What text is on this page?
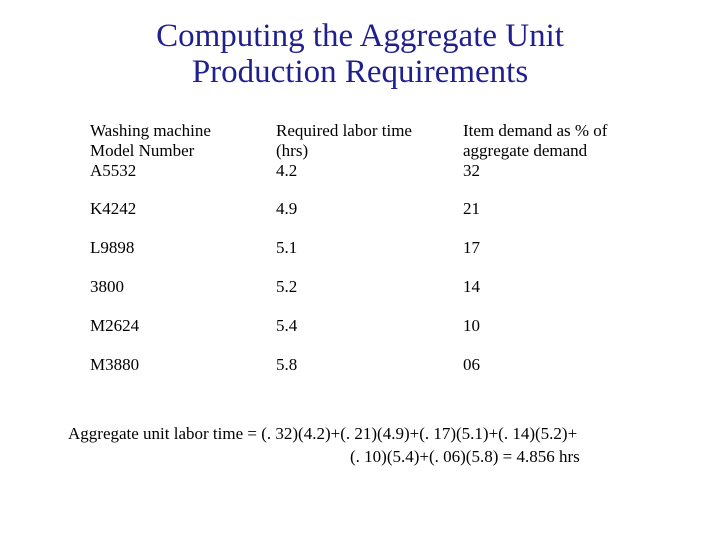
Computing the Aggregate Unit
Production Requirements
Washing machine	Required labor time	Item demand as % of
Model Number	(hrs)	aggregate demand
A5532	4.2	32
K4242	4.9	21
L9898	5.1	17
3800	5.2	14
M2624	5.4	10
M3880	5.8	06
Aggregate unit labor time = (. 32)(4.2)+(. 21)(4.9)+(. 17)(5.1)+(. 14)(5.2)+
(. 10)(5.4)+(. 06)(5.8) = 4.856 hrs
